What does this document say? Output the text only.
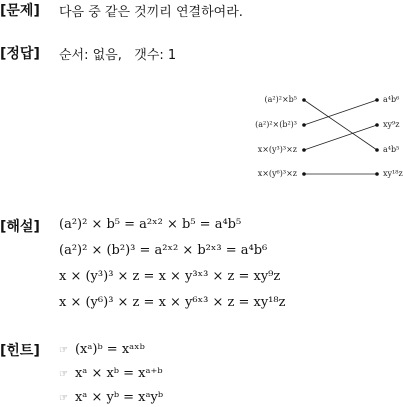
[문제] 다음 중 같은 것끼리 연결하여라.
[정답] 순서: 없음,   갯수: 1
(a²)²×b⁵
(a²)²×(b²)³
x×(y³)³×z
x×(y⁶)³×z
a⁴b⁶
xy⁹z
a⁴b⁵
xy¹⁸z
[해설] (a²)² × b⁵ = a²ˣ² × b⁵ = a⁴b⁵
(a²)² × (b²)³ = a²ˣ² × b²ˣ³ = a⁴b⁶
x × (y³)³ × z = x × y³ˣ³ × z = xy⁹z
x × (y⁶)³ × z = x × y⁶ˣ³ × z = xy¹⁸z
[힌트] ☞ (xᵃ)ᵇ = xᵃˣᵇ
☞ xᵃ × xᵇ = xᵃ⁺ᵇ
☞ xᵃ × yᵇ = xᵃyᵇ
